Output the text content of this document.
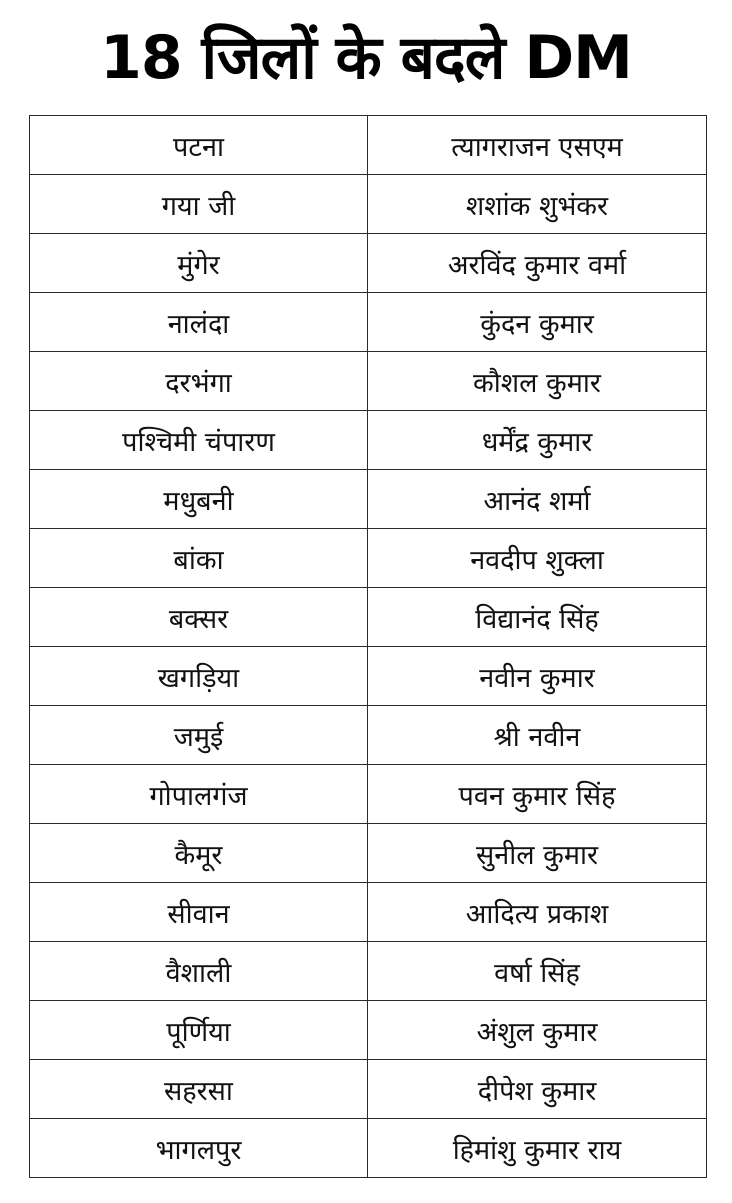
18 जिलों के बदले DM
पटना	त्यागराजन एसएम
गया जी	शशांक शुभंकर
मुंगेर	अरविंद कुमार वर्मा
नालंदा	कुंदन कुमार
दरभंगा	कौशल कुमार
पश्चिमी चंपारण	धर्मेंद्र कुमार
मधुबनी	आनंद शर्मा
बांका	नवदीप शुक्ला
बक्सर	विद्यानंद सिंह
खगड़िया	नवीन कुमार
जमुई	श्री नवीन
गोपालगंज	पवन कुमार सिंह
कैमूर	सुनील कुमार
सीवान	आदित्य प्रकाश
वैशाली	वर्षा सिंह
पूर्णिया	अंशुल कुमार
सहरसा	दीपेश कुमार
भागलपुर	हिमांशु कुमार राय
